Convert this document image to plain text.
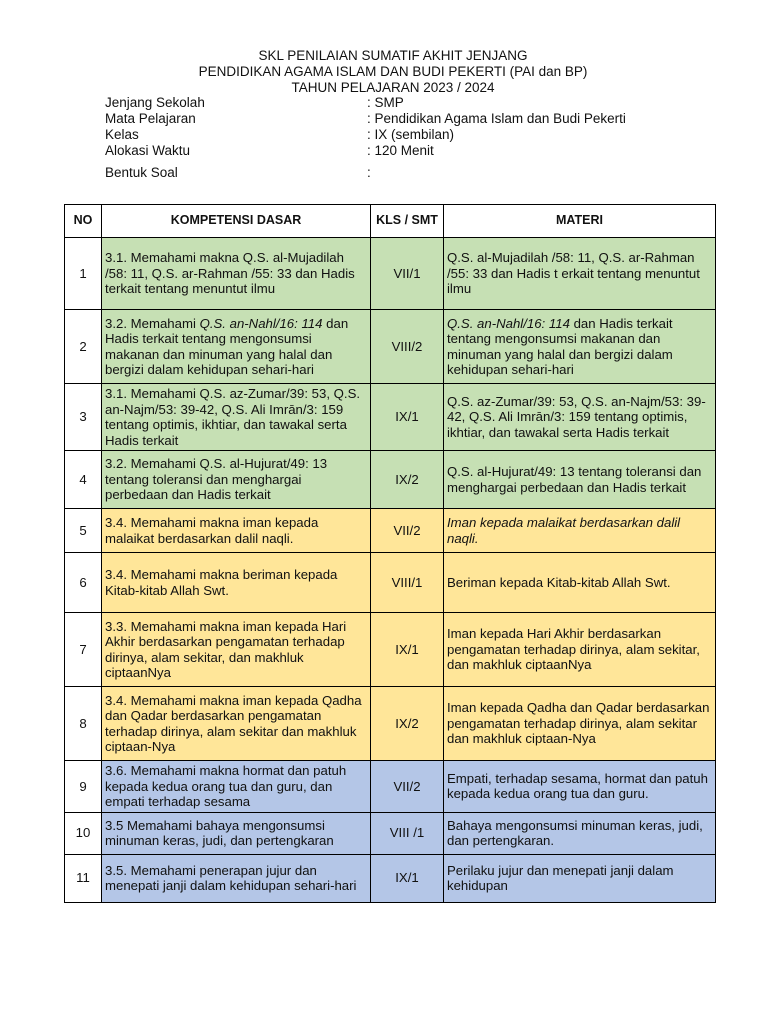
SKL PENILAIAN SUMATIF AKHIT JENJANG
PENDIDIKAN AGAMA ISLAM DAN BUDI PEKERTI (PAI dan BP)
TAHUN PELAJARAN 2023 / 2024
Jenjang Sekolah	: SMP
Mata Pelajaran	: Pendidikan Agama Islam dan Budi Pekerti
Kelas	: IX (sembilan)
Alokasi Waktu	: 120 Menit
Bentuk Soal	:
NO	KOMPETENSI DASAR	KLS / SMT	MATERI
1	3.1. Memahami makna Q.S. al-Mujadilah /58: 11, Q.S. ar-Rahman /55: 33 dan Hadis terkait tentang menuntut ilmu	VII/1	Q.S. al-Mujadilah /58: 11, Q.S. ar-Rahman /55: 33 dan Hadis t erkait tentang menuntut ilmu
2	3.2. Memahami Q.S. an-Nahl/16: 114 dan Hadis terkait tentang mengonsumsi makanan dan minuman yang halal dan bergizi dalam kehidupan sehari-hari	VIII/2	Q.S. an-Nahl/16: 114 dan Hadis terkait tentang mengonsumsi makanan dan minuman yang halal dan bergizi dalam kehidupan sehari-hari
3	3.1. Memahami Q.S. az-Zumar/39: 53, Q.S. an-Najm/53: 39-42, Q.S. Ali Imrān/3: 159 tentang optimis, ikhtiar, dan tawakal serta Hadis terkait	IX/1	Q.S. az-Zumar/39: 53, Q.S. an-Najm/53: 39-42, Q.S. Ali Imrān/3: 159 tentang optimis, ikhtiar, dan tawakal serta Hadis terkait
4	3.2. Memahami Q.S. al-Hujurat/49: 13 tentang toleransi dan menghargai perbedaan dan Hadis terkait	IX/2	Q.S. al-Hujurat/49: 13 tentang toleransi dan menghargai perbedaan dan Hadis terkait
5	3.4. Memahami makna iman kepada malaikat berdasarkan dalil naqli.	VII/2	Iman kepada malaikat berdasarkan dalil naqli.
6	3.4. Memahami makna beriman kepada Kitab-kitab Allah Swt.	VIII/1	Beriman kepada Kitab-kitab Allah Swt.
7	3.3. Memahami makna iman kepada Hari Akhir berdasarkan pengamatan terhadap dirinya, alam sekitar, dan makhluk ciptaanNya	IX/1	Iman kepada Hari Akhir berdasarkan pengamatan terhadap dirinya, alam sekitar, dan makhluk ciptaanNya
8	3.4. Memahami makna iman kepada Qadha dan Qadar berdasarkan pengamatan terhadap dirinya, alam sekitar dan makhluk ciptaan-Nya	IX/2	Iman kepada Qadha dan Qadar berdasarkan pengamatan terhadap dirinya, alam sekitar dan makhluk ciptaan-Nya
9	3.6. Memahami makna hormat dan patuh kepada kedua orang tua dan guru, dan empati terhadap sesama	VII/2	Empati, terhadap sesama, hormat dan patuh kepada kedua orang tua dan guru.
10	3.5 Memahami bahaya mengonsumsi minuman keras, judi, dan pertengkaran	VIII /1	Bahaya mengonsumsi minuman keras, judi, dan pertengkaran.
11	3.5. Memahami penerapan jujur dan menepati janji dalam kehidupan sehari-hari	IX/1	Perilaku jujur dan menepati janji dalam kehidupan
